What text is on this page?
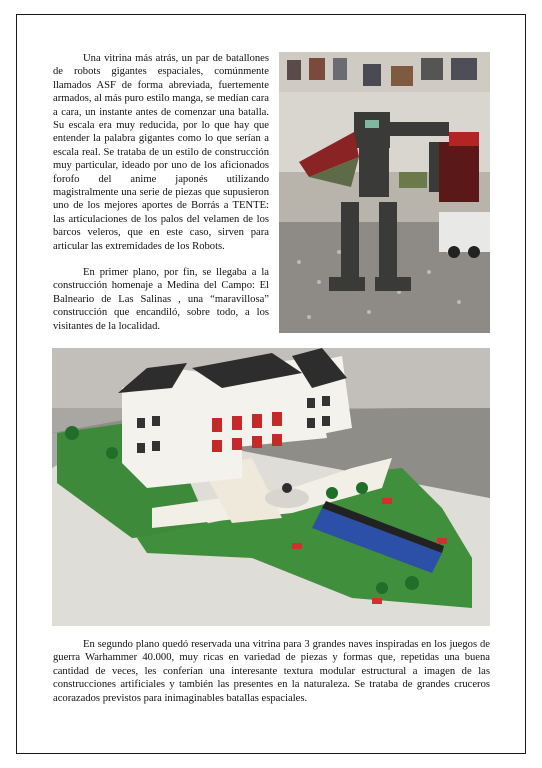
Una vitrina más atrás, un par de batallones de robots gigantes espaciales, comúnmente llamados ASF de forma abreviada, fuertemente armados, al más puro estilo manga, se medían cara a cara, un instante antes de comenzar una batalla. Su escala era muy reducida, por lo que hay que entender la palabra gigantes como lo que serían a escala real. Se trataba de un estilo de construcción muy particular, ideado por uno de los aficionados forofo del anime japonés utilizando magistralmente una serie de piezas que supusieron uno de los mejores aportes de Borrás a TENTE: las articulaciones de los palos del velamen de los barcos veleros, que en este caso, sirven para articular las extremidades de los Robots.

En primer plano, por fin, se llegaba a la construcción homenaje a Medina del Campo: El Balneario de Las Salinas , una “maravillosa” construcción que encandiló, sobre todo, a los visitantes de la localidad.

En segundo plano quedó reservada una vitrina para 3 grandes naves inspiradas en los juegos de guerra Warhammer 40.000, muy ricas en variedad de piezas y formas que, repetidas una buena cantidad de veces, les conferían una interesante textura modular estructural a imagen de las construcciones artificiales y también las presentes en la naturaleza. Se trataba de grandes cruceros acorazados previstos para inimaginables batallas espaciales.
